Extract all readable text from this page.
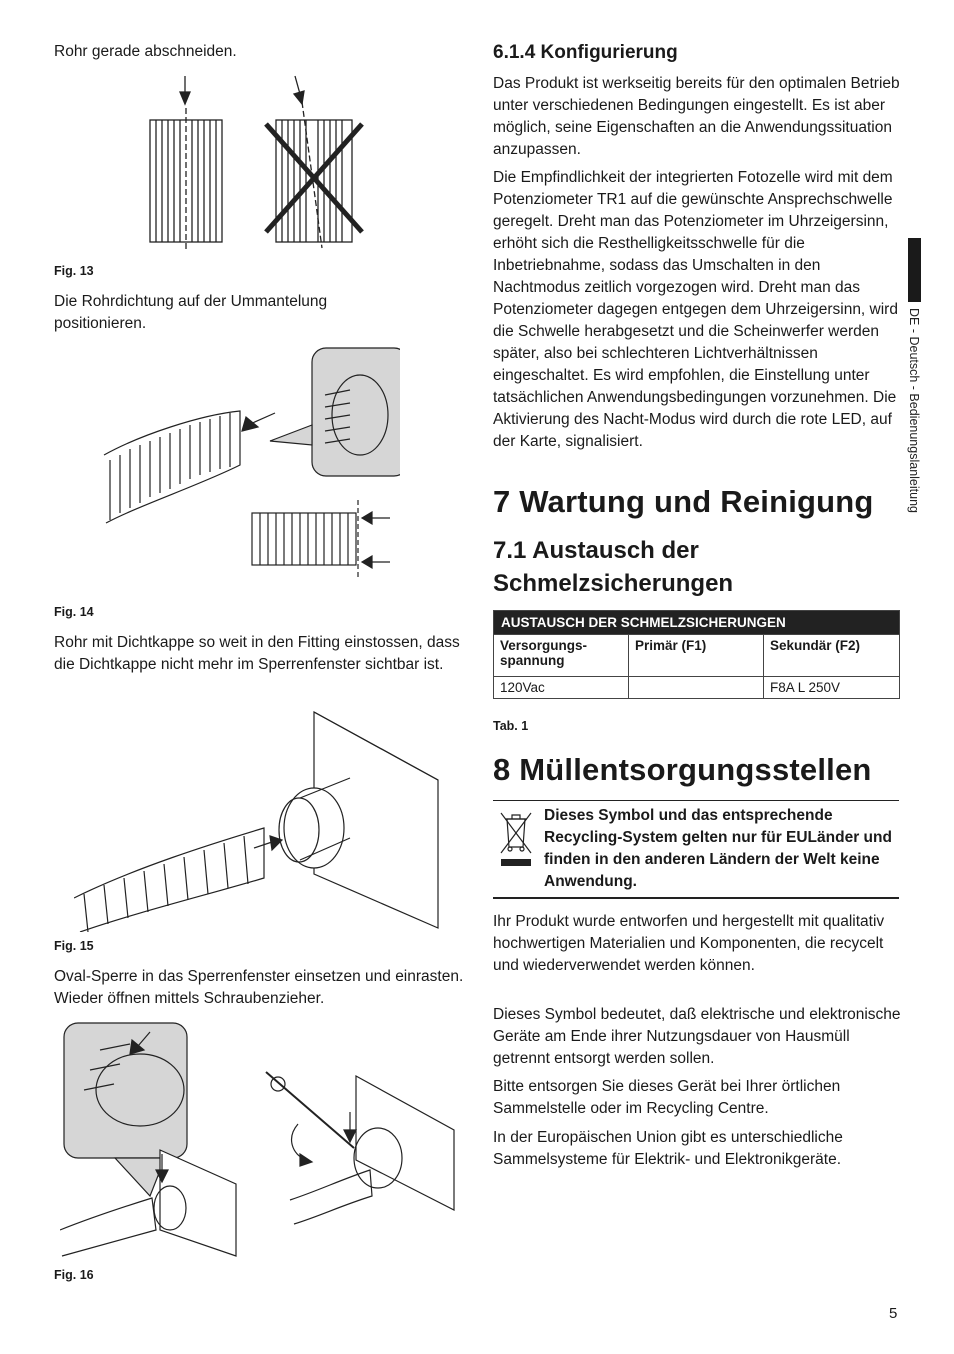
Rohr gerade abschneiden.

Fig. 13

Die Rohrdichtung auf der Ummantelung positionieren.

Fig. 14

Rohr mit Dichtkappe so weit in den Fitting einstossen, dass die Dichtkappe nicht mehr im Sperrenfenster sichtbar ist.

Fig. 15

Oval-Sperre in das Sperrenfenster einsetzen und einrasten. Wieder öffnen mittels Schraubenzieher.

Fig. 16

6.1.4 Konfigurierung

Das Produkt ist werkseitig bereits für den optimalen Betrieb unter verschiedenen Bedingungen eingestellt. Es ist aber möglich, seine Eigenschaften an die Anwendungssituation anzupassen.

Die Empfindlichkeit der integrierten Fotozelle wird mit dem Potenziometer TR1 auf die gewünschte Ansprechschwelle geregelt. Dreht man das Potenziometer im Uhrzeigersinn, erhöht sich die Resthelligkeitsschwelle für die Inbetriebnahme, sodass das Umschalten in den Nachtmodus zeitlich vorgezogen wird. Dreht man das Potenziometer dagegen entgegen dem Uhrzeigersinn, wird die Schwelle herabgesetzt und die Scheinwerfer werden später, also bei schlechteren Lichtverhältnissen eingeschaltet. Es wird empfohlen, die Einstellung unter tatsächlichen Anwendungsbedingungen vorzunehmen. Die Aktivierung des Nacht-Modus wird durch die rote LED, auf der Karte, signalisiert.

7 Wartung und Reinigung
7.1 Austausch der Schmelzsicherungen
AUSTAUSCH DER SCHMELZSICHERUNGEN		
Versorgungs-spannung	Primär (F1)	Sekundär (F2)
120Vac		F8A L 250V

Tab. 1

8 Müllentsorgungsstellen

Dieses Symbol und das entsprechende Recycling-System gelten nur für EULänder und finden in den anderen Ländern der Welt keine Anwendung.

Ihr Produkt wurde entworfen und hergestellt mit qualitativ hochwertigen Materialien und Komponenten, die recycelt und wiederverwendet werden können.

Dieses Symbol bedeutet, daß elektrische und elektronische Geräte am Ende ihrer Nutzungsdauer von Hausmüll getrennt entsorgt werden sollen.

Bitte entsorgen Sie dieses Gerät bei Ihrer örtlichen Sammelstelle oder im Recycling Centre.

In der Europäischen Union gibt es unterschiedliche Sammelsysteme für Elektrik- und Elektronikgeräte.

DE - Deutsch - Bedienungslanleitung

5
